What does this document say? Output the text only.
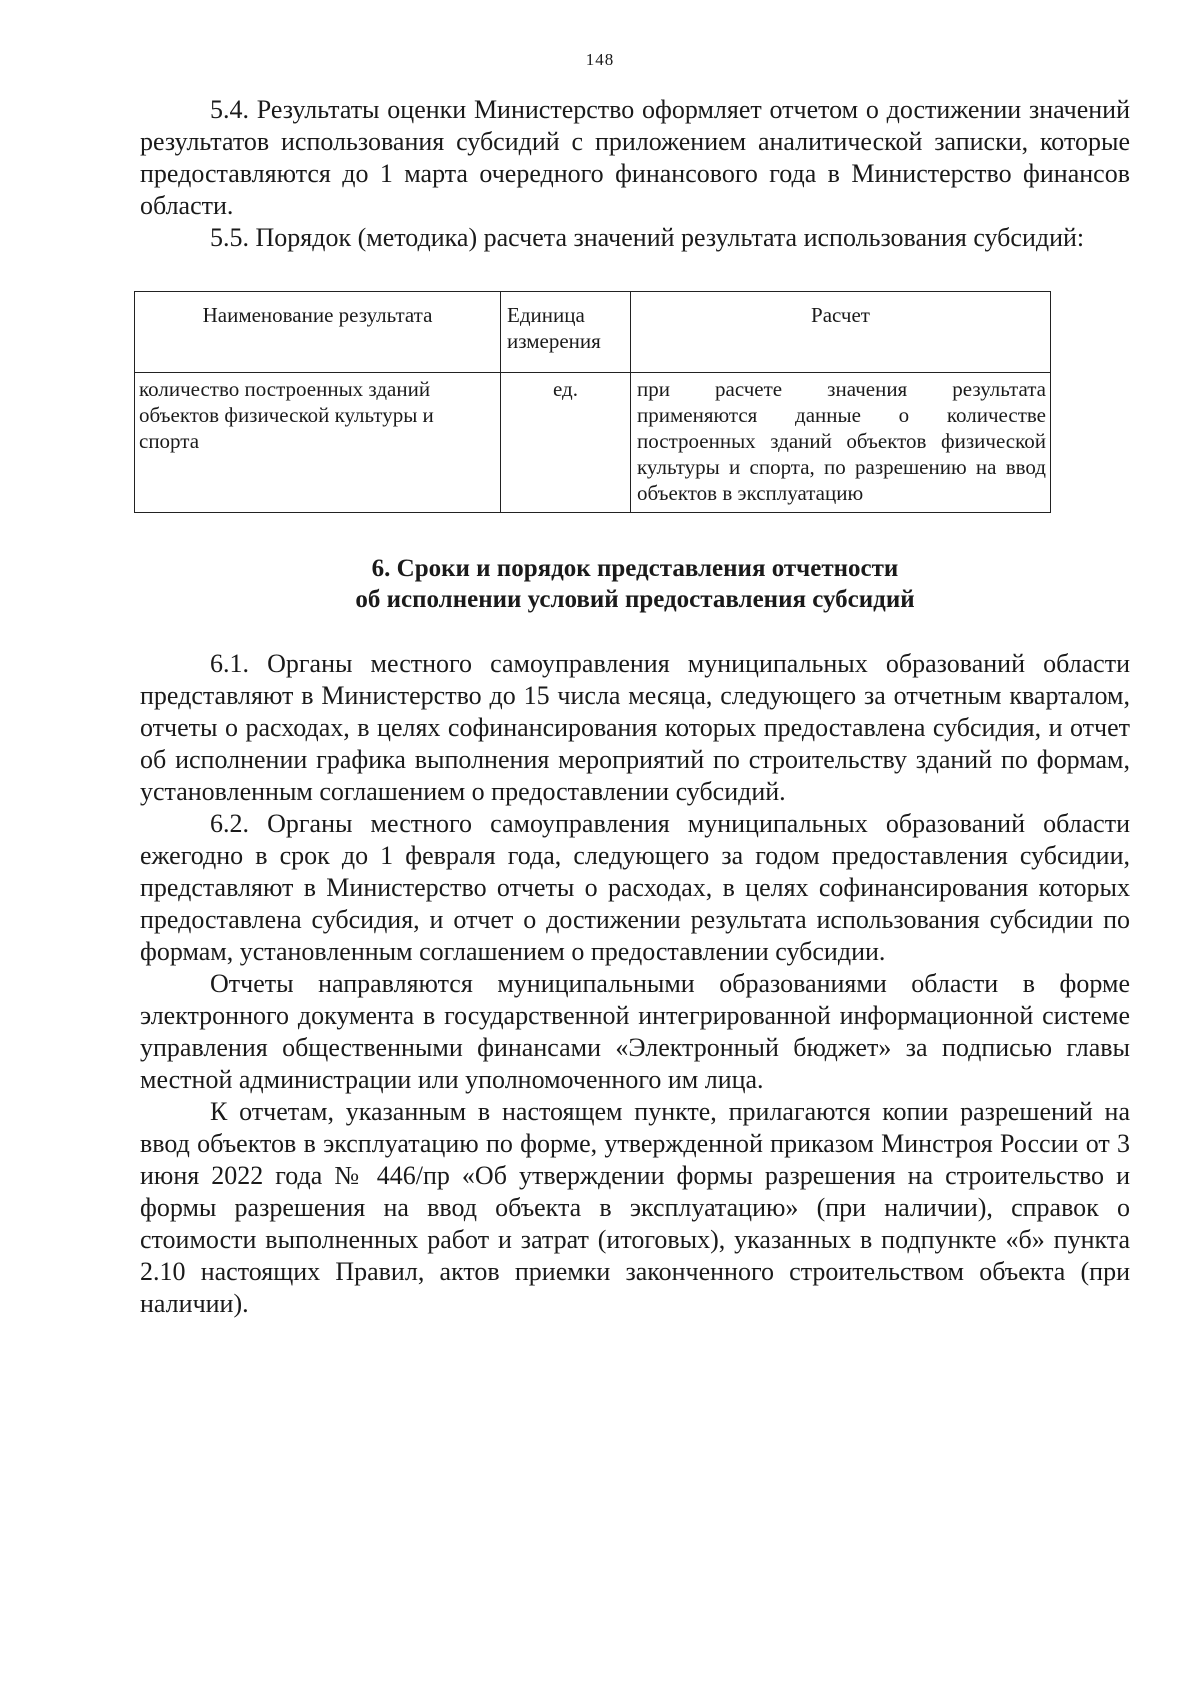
148

5.4. Результаты оценки Министерство оформляет отчетом о достижении значений результатов использования субсидий с приложением аналитической записки, которые предоставляются до 1 марта очередного финансового года в Министерство финансов области.

5.5. Порядок (методика) расчета значений результата использования субсидий:

Наименование результата	Единица измерения	Расчет
количество построенных зданий объектов физической культуры и спорта	ед.	при расчете значения результата применяются данные о количестве построенных зданий объектов физической культуры и спорта, по разрешению на ввод объектов в эксплуатацию
6. Сроки и порядок представления отчетности
об исполнении условий предоставления субсидий

6.1. Органы местного самоуправления муниципальных образований области представляют в Министерство до 15 числа месяца, следующего за отчетным кварталом, отчеты о расходах, в целях софинансирования которых предоставлена субсидия, и отчет об исполнении графика выполнения мероприятий по строительству зданий по формам, установленным соглашением о предоставлении субсидий.

6.2. Органы местного самоуправления муниципальных образований области ежегодно в срок до 1 февраля года, следующего за годом предоставления субсидии, представляют в Министерство отчеты о расходах, в целях софинансирования которых предоставлена субсидия, и отчет о достижении результата использования субсидии по формам, установленным соглашением о предоставлении субсидии.

Отчеты направляются муниципальными образованиями области в форме электронного документа в государственной интегрированной информационной системе управления общественными финансами «Электронный бюджет» за подписью главы местной администрации или уполномоченного им лица.

К отчетам, указанным в настоящем пункте, прилагаются копии разрешений на ввод объектов в эксплуатацию по форме, утвержденной приказом Минстроя России от 3 июня 2022 года № 446/пр «Об утверждении формы разрешения на строительство и формы разрешения на ввод объекта в эксплуатацию» (при наличии), справок о стоимости выполненных работ и затрат (итоговых), указанных в подпункте «б» пункта 2.10 настоящих Правил, актов приемки законченного строительством объекта (при наличии).
